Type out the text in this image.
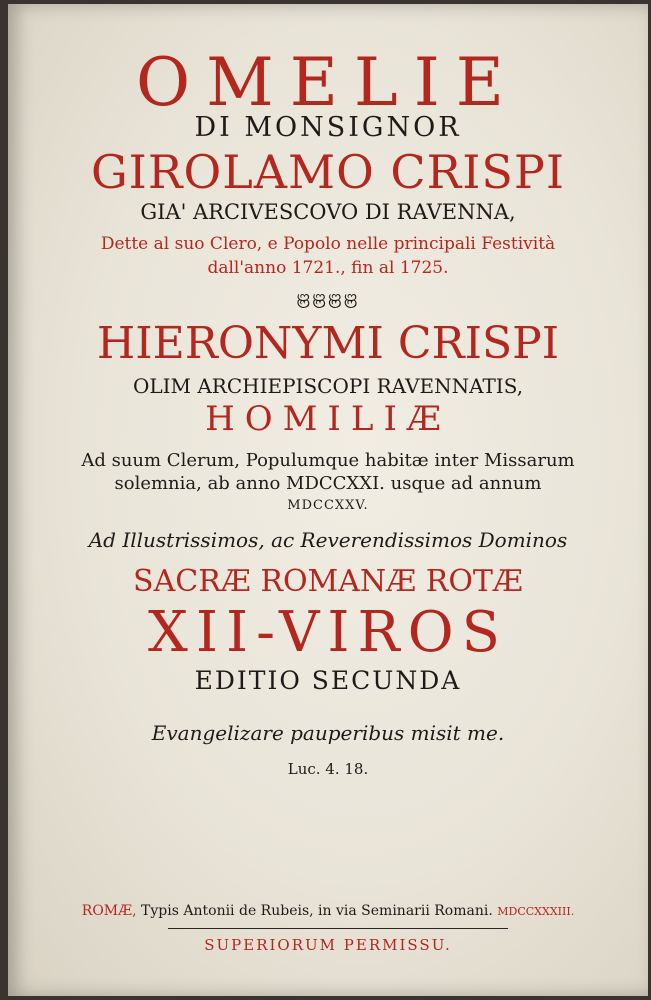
OMELIE
DI MONSIGNOR
GIROLAMO CRISPI
GIA' ARCIVESCOVO DI RAVENNA,
Dette al suo Clero, e Popolo nelle principali Festività
dall'anno 1721., fin al 1725.
ଞଞଞଞ
HIERONYMI CRISPI
OLIM ARCHIEPISCOPI RAVENNATIS,
HOMILIÆ
Ad suum Clerum, Populumque habitæ inter Missarum
solemnia, ab anno MDCCXXI. usque ad annum
MDCCXXV.
Ad Illustrissimos, ac Reverendissimos Dominos
SACRÆ ROMANÆ ROTÆ
XII-VIROS
EDITIO SECUNDA
Evangelizare pauperibus misit me.
Luc. 4. 18.
ROMÆ, Typis Antonii de Rubeis, in via Seminarii Romani. MDCCXXXIII.
SUPERIORUM PERMISSU.
